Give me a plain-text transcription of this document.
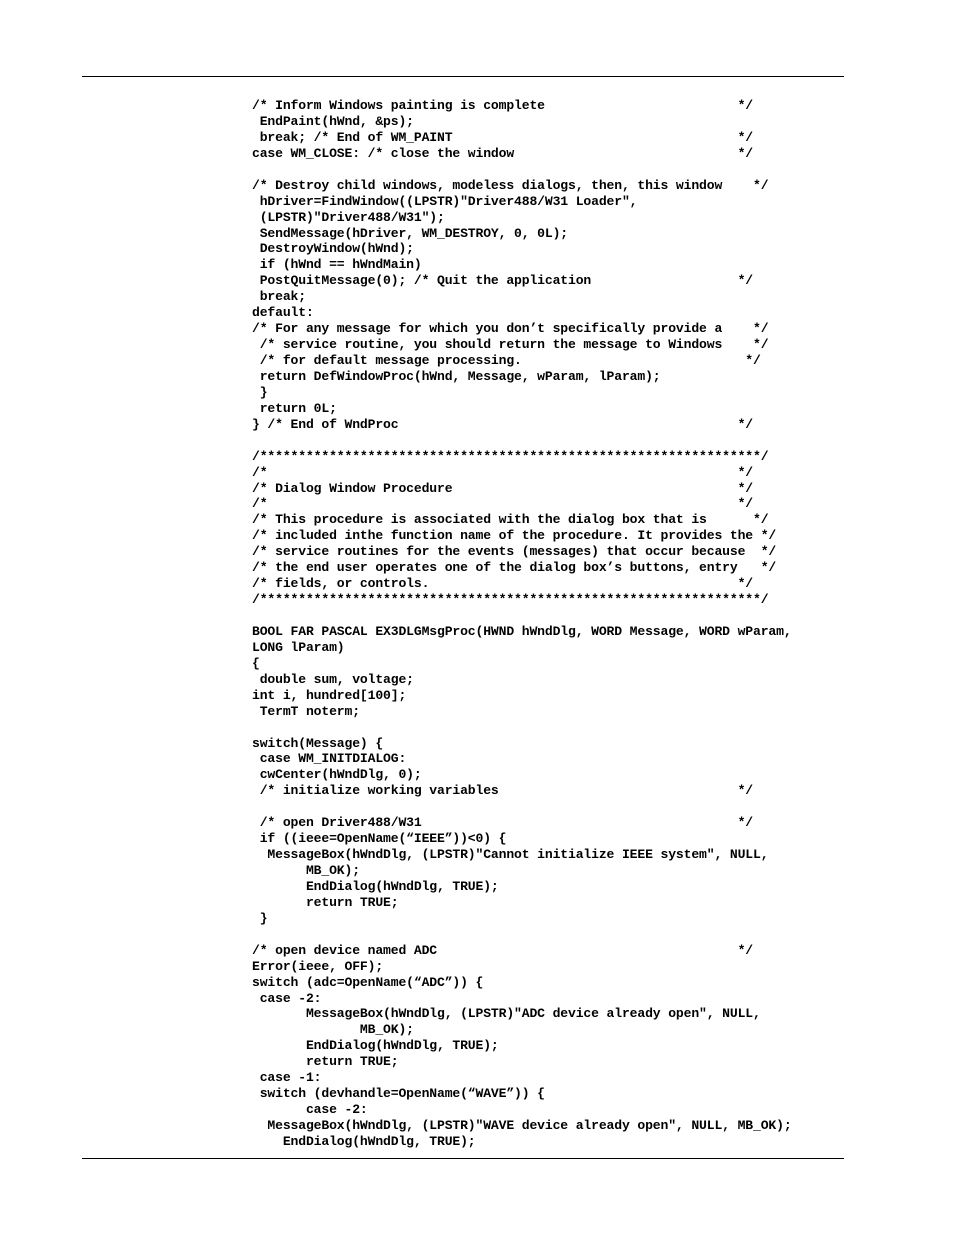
/* Inform Windows painting is complete                         */
EndPaint(hWnd, &ps);
break; /* End of WM_PAINT                                     */
case WM_CLOSE: /* close the window                             */
/* Destroy child windows, modeless dialogs, then, this window    */
hDriver=FindWindow((LPSTR)"Driver488/W31 Loader",
(LPSTR)"Driver488/W31");
SendMessage(hDriver, WM_DESTROY, 0, 0L);
DestroyWindow(hWnd);
if (hWnd == hWndMain)
PostQuitMessage(0); /* Quit the application                   */
break;
default:
/* For any message for which you don’t specifically provide a    */
/* service routine, you should return the message to Windows    */
/* for default message processing.                             */
return DefWindowProc(hWnd, Message, wParam, lParam);
}
return 0L;
} /* End of WndProc                                            */
/*****************************************************************/
/*                                                             */
/* Dialog Window Procedure                                     */
/*                                                             */
/* This procedure is associated with the dialog box that is      */
/* included inthe function name of the procedure. It provides the */
/* service routines for the events (messages) that occur because  */
/* the end user operates one of the dialog box’s buttons, entry   */
/* fields, or controls.                                        */
/*****************************************************************/
BOOL FAR PASCAL EX3DLGMsgProc(HWND hWndDlg, WORD Message, WORD wParam,
LONG lParam)
{
double sum, voltage;
int i, hundred[100];
TermT noterm;
switch(Message) {
case WM_INITDIALOG:
cwCenter(hWndDlg, 0);
/* initialize working variables                               */
/* open Driver488/W31                                         */
if ((ieee=OpenName(“IEEE”))<0) {
MessageBox(hWndDlg, (LPSTR)"Cannot initialize IEEE system", NULL,
MB_OK);
EndDialog(hWndDlg, TRUE);
return TRUE;
}
/* open device named ADC                                       */
Error(ieee, OFF);
switch (adc=OpenName(“ADC”)) {
case -2:
MessageBox(hWndDlg, (LPSTR)"ADC device already open", NULL,
MB_OK);
EndDialog(hWndDlg, TRUE);
return TRUE;
case -1:
switch (devhandle=OpenName(“WAVE”)) {
case -2:
MessageBox(hWndDlg, (LPSTR)"WAVE device already open", NULL, MB_OK);
EndDialog(hWndDlg, TRUE);
